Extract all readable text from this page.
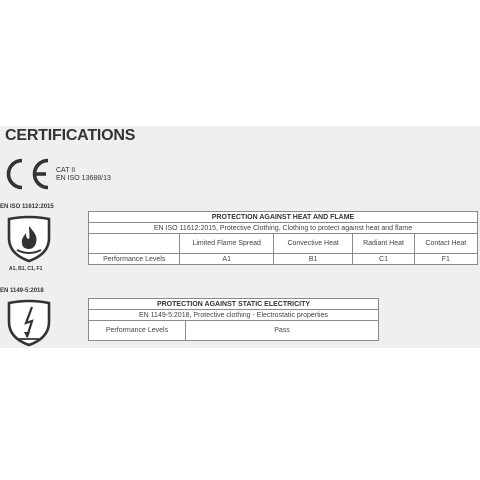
CERTIFICATIONS
CAT II
EN ISO 13688/13
EN ISO 11612:2015
A1, B1, C1, F1
PROTECTION AGAINST HEAT AND FLAME				
EN ISO 11612:2015, Protective Clothing, Clothing to protect against heat and flame				
	Limited Flame Spread	Convective Heat	Radiant Heat	Contact Heat
Performance Levels	A1	B1	C1	F1
EN 1149-5:2018
PROTECTION AGAINST STATIC ELECTRICITY
EN 1149-5:2018, Protective clothing - Electrostatic properties
Performance Levels	Pass
